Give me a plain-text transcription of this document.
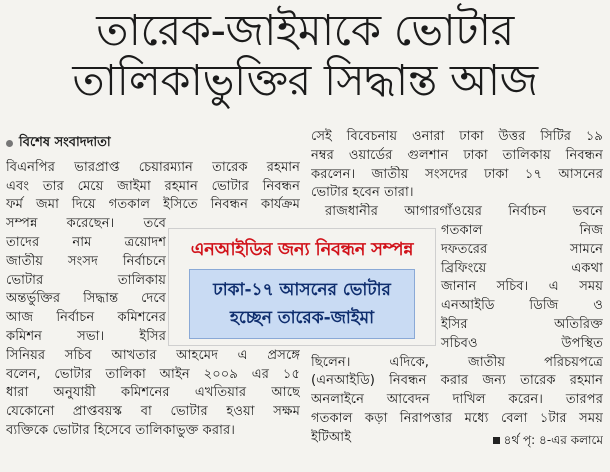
তারেক-জাইমাকে ভোটার
তালিকাভুক্তির সিদ্ধান্ত আজ
বিশেষ সংবাদদাতা
বিএনপির ভারপ্রাপ্ত চেয়ারম্যান তারেক রহমান
এবং তার মেয়ে জাইমা রহমান ভোটার নিবন্ধন
ফর্ম জমা দিয়ে গতকাল ইসিতে নিবন্ধন কার্যক্রম
সম্পন্ন করেছেন। তবে
তাদের নাম ত্রয়োদশ
জাতীয় সংসদ নির্বাচনে
ভোটার তালিকায়
অন্তর্ভুক্তির সিদ্ধান্ত দেবে
আজ নির্বাচন কমিশনের
কমিশন সভা। ইসির
সিনিয়র সচিব আখতার আহমেদ এ প্রসঙ্গে
বলেন, ভোটার তালিকা আইন ২০০৯ এর ১৫
ধারা অনুযায়ী কমিশনের এখতিয়ার আছে
যেকোনো প্রাপ্তবয়স্ক বা ভোটার হওয়া সক্ষম
ব্যক্তিকে ভোটার হিসেবে তালিকাভুক্ত করার।
সেই বিবেচনায় ওনারা ঢাকা উত্তর সিটির ১৯
নম্বর ওয়ার্ডের গুলশান ঢাকা তালিকায় নিবন্ধন
করলেন। জাতীয় সংসদের ঢাকা ১৭ আসনের
ভোটার হবেন তারা।
রাজধানীর আগারগাঁওয়ের নির্বাচন ভবনে
গতকাল নিজ
দফতরের সামনে
ব্রিফিংয়ে একথা
জানান সচিব। এ সময়
এনআইডি ডিজি ও
ইসির অতিরিক্ত
সচিবও উপস্থিত
ছিলেন। এদিকে, জাতীয় পরিচয়পত্রে
(এনআইডি) নিবন্ধন করার জন্য তারেক রহমান
অনলাইনে আবেদন দাখিল করেন। তারপর
গতকাল কড়া নিরাপত্তার মধ্যে বেলা ১টার সময়
ইটিআই	৪র্থ পৃ: ৪-এর কলামে
এনআইডির জন্য নিবন্ধন সম্পন্ন
ঢাকা-১৭ আসনের ভোটার
হচ্ছেন তারেক-জাইমা
